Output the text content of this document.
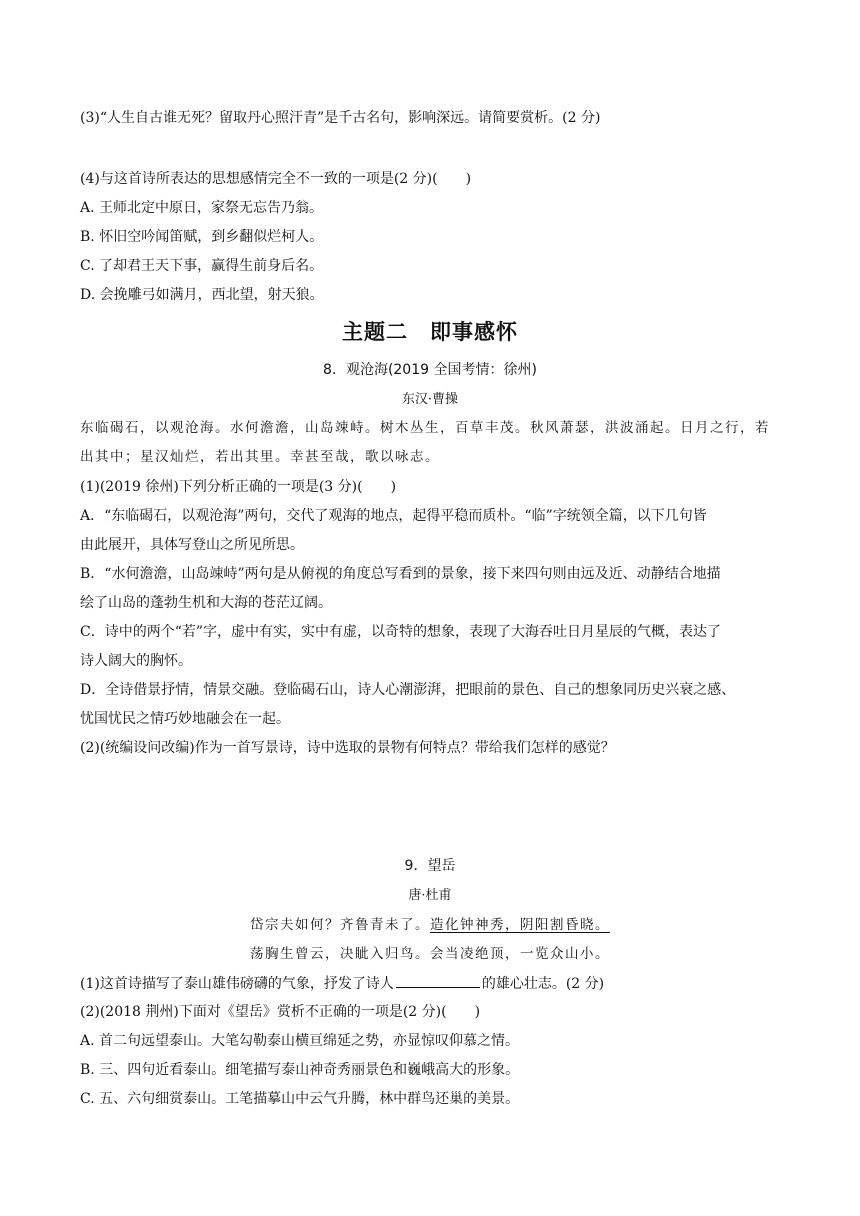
(3)“人生自古谁无死？留取丹心照汗青”是千古名句，影响深远。请简要赏析。(2 分)
(4)与这首诗所表达的思想感情完全不一致的一项是(2 分)(　　)
A. 王师北定中原日，家祭无忘告乃翁。
B. 怀旧空吟闻笛赋，到乡翻似烂柯人。
C. 了却君王天下事，赢得生前身后名。
D. 会挽雕弓如满月，西北望，射天狼。
主题二　即事感怀
8．观沧海(2019 全国考情：徐州)
东汉·曹操
东临碣石，以观沧海。水何澹澹，山岛竦峙。树木丛生，百草丰茂。秋风萧瑟，洪波涌起。日月之行，若
出其中；星汉灿烂，若出其里。幸甚至哉，歌以咏志。
(1)(2019 徐州)下列分析正确的一项是(3 分)(　　)
A．“东临碣石，以观沧海”两句，交代了观海的地点，起得平稳而质朴。“临”字统领全篇，以下几句皆
由此展开，具体写登山之所见所思。
B．“水何澹澹，山岛竦峙”两句是从俯视的角度总写看到的景象，接下来四句则由远及近、动静结合地描
绘了山岛的蓬勃生机和大海的苍茫辽阔。
C．诗中的两个“若”字，虚中有实，实中有虚，以奇特的想象，表现了大海吞吐日月星辰的气概，表达了
诗人阔大的胸怀。
D．全诗借景抒情，情景交融。登临碣石山，诗人心潮澎湃，把眼前的景色、自己的想象同历史兴衰之感、
忧国忧民之情巧妙地融会在一起。
(2)(统编设问改编)作为一首写景诗，诗中选取的景物有何特点？带给我们怎样的感觉？
9．望岳
唐·杜甫
岱宗夫如何？齐鲁青未了。造化钟神秀，阴阳割昏晓。
荡胸生曾云，决眦入归鸟。会当凌绝顶，一览众山小。
(1)这首诗描写了泰山雄伟磅礴的气象，抒发了诗人	的雄心壮志。(2 分)
(2)(2018 荆州)下面对《望岳》赏析不正确的一项是(2 分)(　　)
A. 首二句远望泰山。大笔勾勒泰山横亘绵延之势，亦显惊叹仰慕之情。
B. 三、四句近看泰山。细笔描写泰山神奇秀丽景色和巍峨高大的形象。
C. 五、六句细赏泰山。工笔描摹山中云气升腾，林中群鸟还巢的美景。
